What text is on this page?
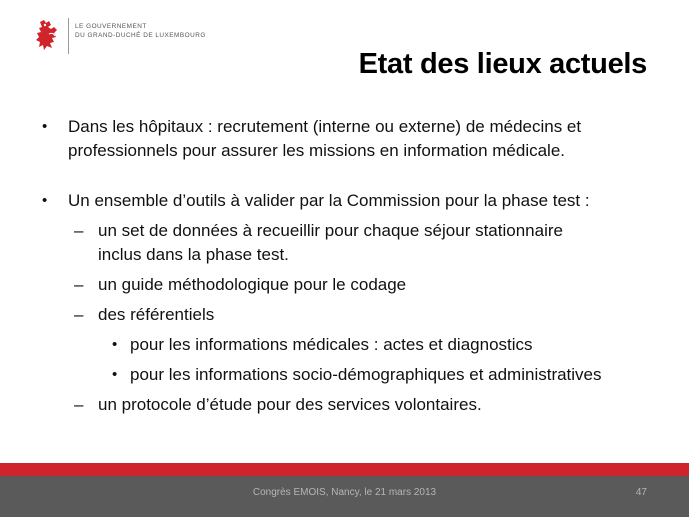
LE GOUVERNEMENT
DU GRAND-DUCHÉ DE LUXEMBOURG
Etat des lieux actuels
• Dans les hôpitaux : recrutement (interne ou externe) de médecins et
professionnels pour assurer les missions en information médicale.
• Un ensemble d’outils à valider par la Commission pour la phase test :
– un set de données à recueillir pour chaque séjour stationnaire
inclus dans la phase test.
– un guide méthodologique pour le codage
– des référentiels
• pour les informations médicales : actes et diagnostics
• pour les informations socio-démographiques et administratives
– un protocole d’étude pour des services volontaires.
Congrès EMOIS, Nancy, le 21 mars 2013	47
